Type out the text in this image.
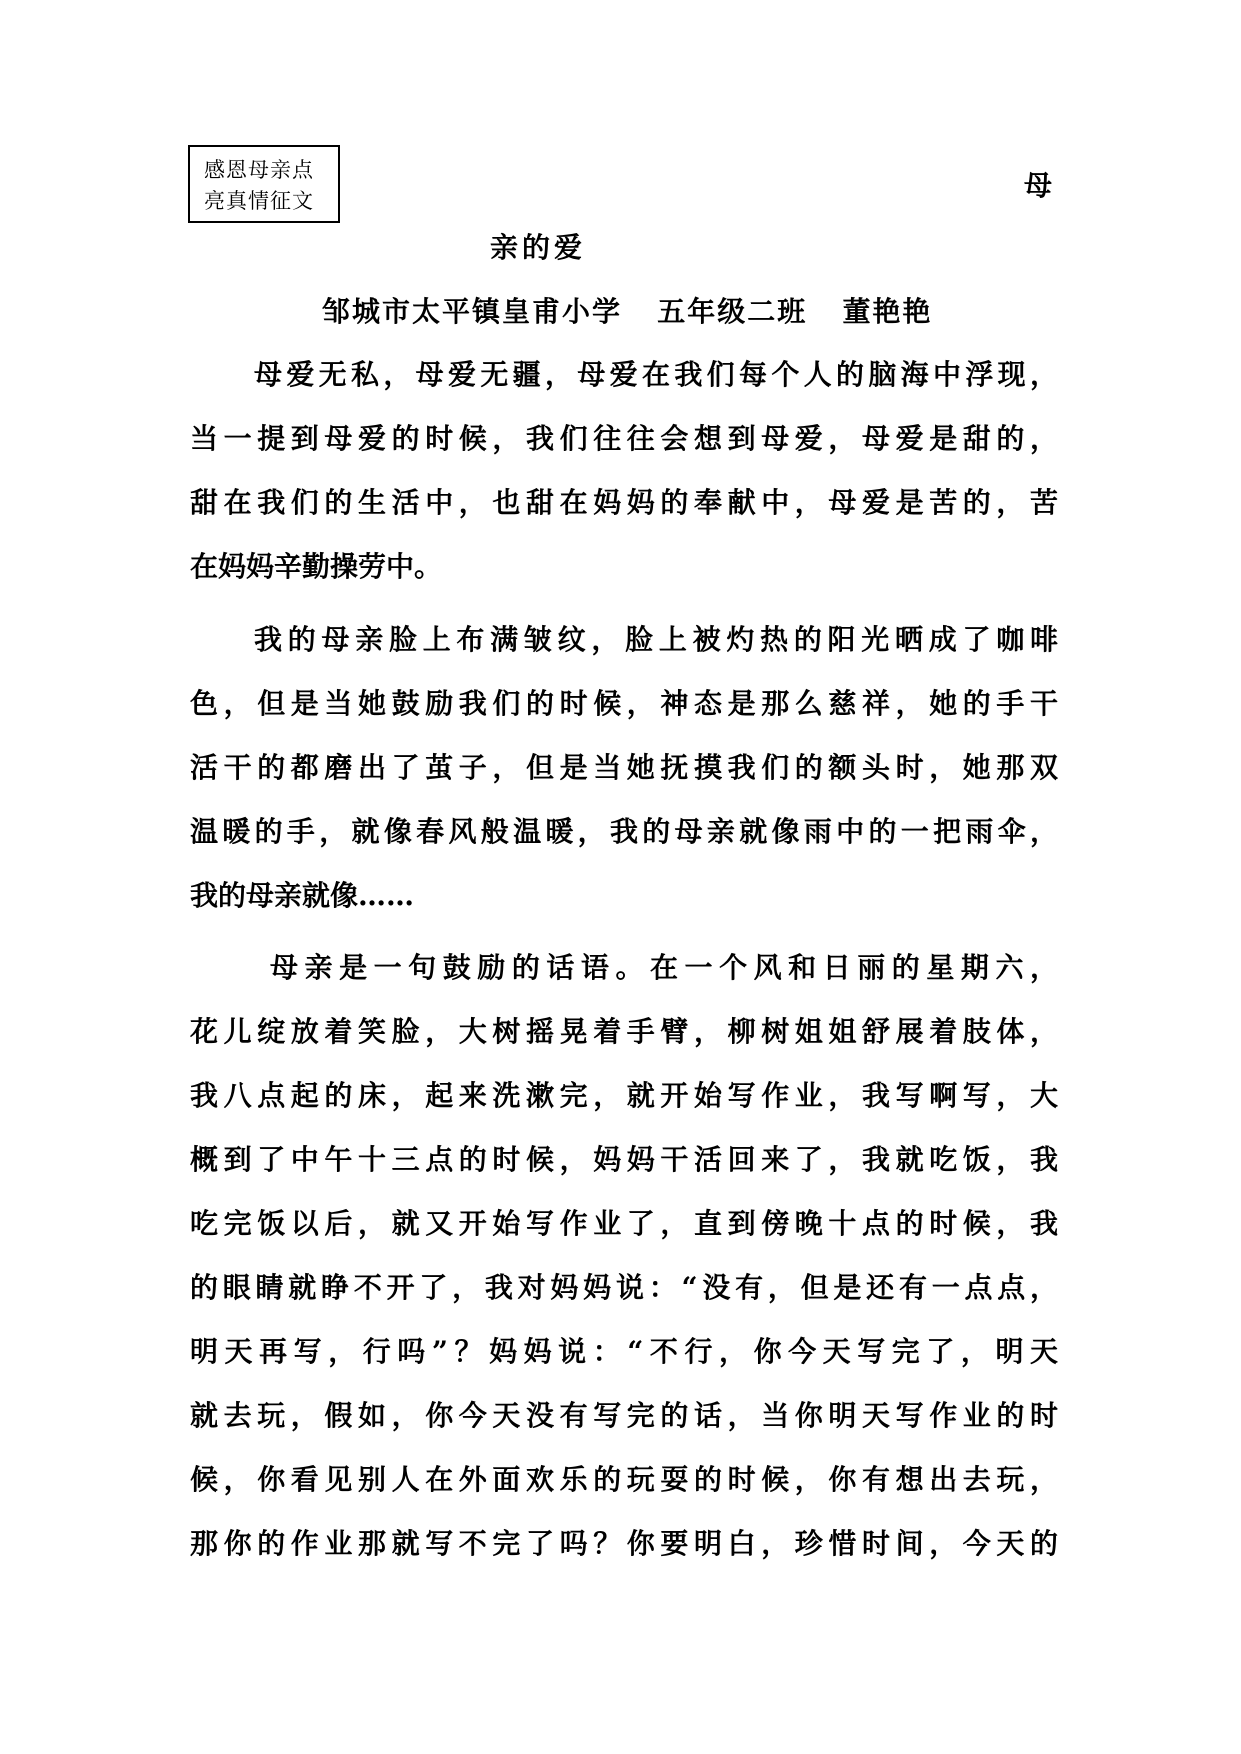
感恩母亲点
亮真情征文	母
亲的爱
邹城市太平镇皇甫小学   五年级二班   董艳艳
母爱无私，母爱无疆，母爱在我们每个人的脑海中浮现，
当一提到母爱的时候，我们往往会想到母爱，母爱是甜的，
甜在我们的生活中，也甜在妈妈的奉献中，母爱是苦的，苦
在妈妈辛勤操劳中。
我的母亲脸上布满皱纹，脸上被灼热的阳光晒成了咖啡
色，但是当她鼓励我们的时候，神态是那么慈祥，她的手干
活干的都磨出了茧子，但是当她抚摸我们的额头时，她那双
温暖的手，就像春风般温暖，我的母亲就像雨中的一把雨伞，
我的母亲就像……
母亲是一句鼓励的话语。在一个风和日丽的星期六，
花儿绽放着笑脸，大树摇晃着手臂，柳树姐姐舒展着肢体，
我八点起的床，起来洗漱完，就开始写作业，我写啊写，大
概到了中午十三点的时候，妈妈干活回来了，我就吃饭，我
吃完饭以后，就又开始写作业了，直到傍晚十点的时候，我
的眼睛就睁不开了，我对妈妈说：“没有，但是还有一点点，
明天再写，行吗”？妈妈说：“不行，你今天写完了，明天
就去玩，假如，你今天没有写完的话，当你明天写作业的时
候，你看见别人在外面欢乐的玩耍的时候，你有想出去玩，
那你的作业那就写不完了吗？你要明白，珍惜时间，今天的
